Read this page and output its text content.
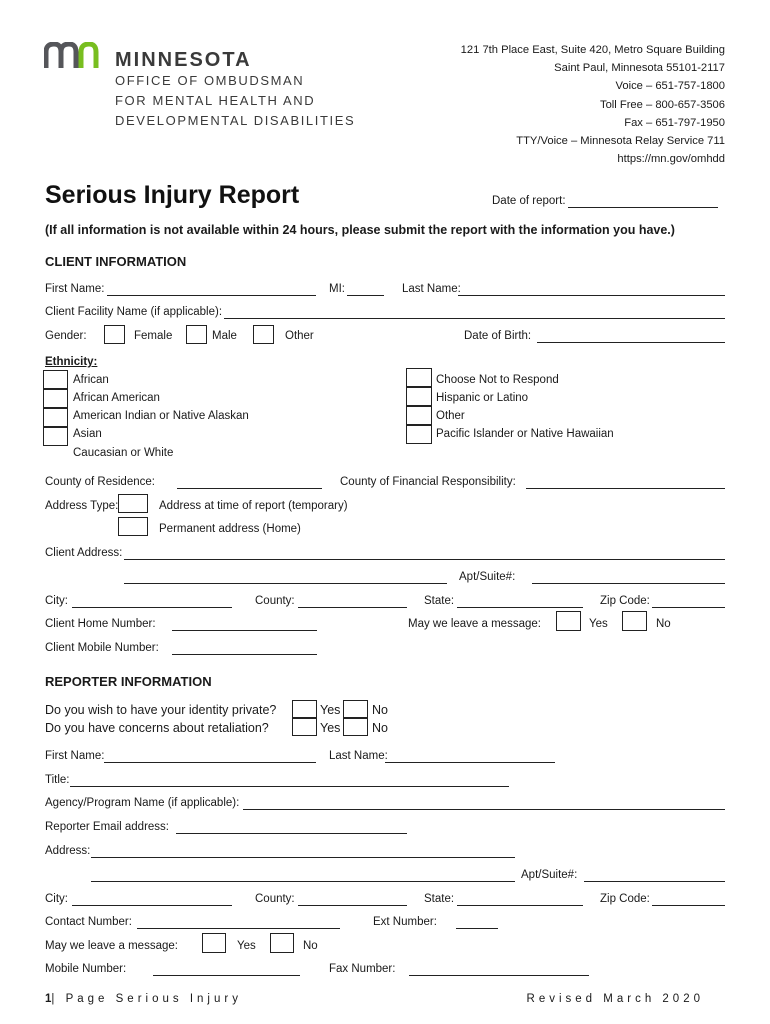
MINNESOTA
OFFICE OF OMBUDSMAN
FOR MENTAL HEALTH AND
DEVELOPMENTAL DISABILITIES
121 7th Place East, Suite 420, Metro Square Building
Saint Paul, Minnesota 55101-2117
Voice – 651-757-1800
Toll Free – 800-657-3506
Fax – 651-797-1950
TTY/Voice – Minnesota Relay Service 711
https://mn.gov/omhdd
Serious Injury Report	Date of report:
(If all information is not available within 24 hours, please submit the report with the information you have.)
CLIENT INFORMATION
First Name:	MI:	Last Name:
Client Facility Name (if applicable):
Gender:	Female	Male	Other	Date of Birth:
Ethnicity:
African
African American
American Indian or Native Alaskan
Asian
Caucasian or White
Choose Not to Respond
Hispanic or Latino
Other
Pacific Islander or Native Hawaiian
County of Residence:	County of Financial Responsibility:
Address Type:	Address at time of report (temporary)
Permanent address (Home)
Client Address:
Apt/Suite#:
City:	County:	State:	Zip Code:
Client Home Number:	May we leave a message:	Yes	No
Client Mobile Number:
REPORTER INFORMATION
Do you wish to have your identity private?	Yes	No
Do you have concerns about retaliation?	Yes	No
First Name:	Last Name:
Title:
Agency/Program Name (if applicable):
Reporter Email address:
Address:
Apt/Suite#:
City:	County:	State:	Zip Code:
Contact Number:	Ext Number:
May we leave a message:	Yes	No
Mobile Number:	Fax Number:
1| Page Serious Injury	Revised March 2020
